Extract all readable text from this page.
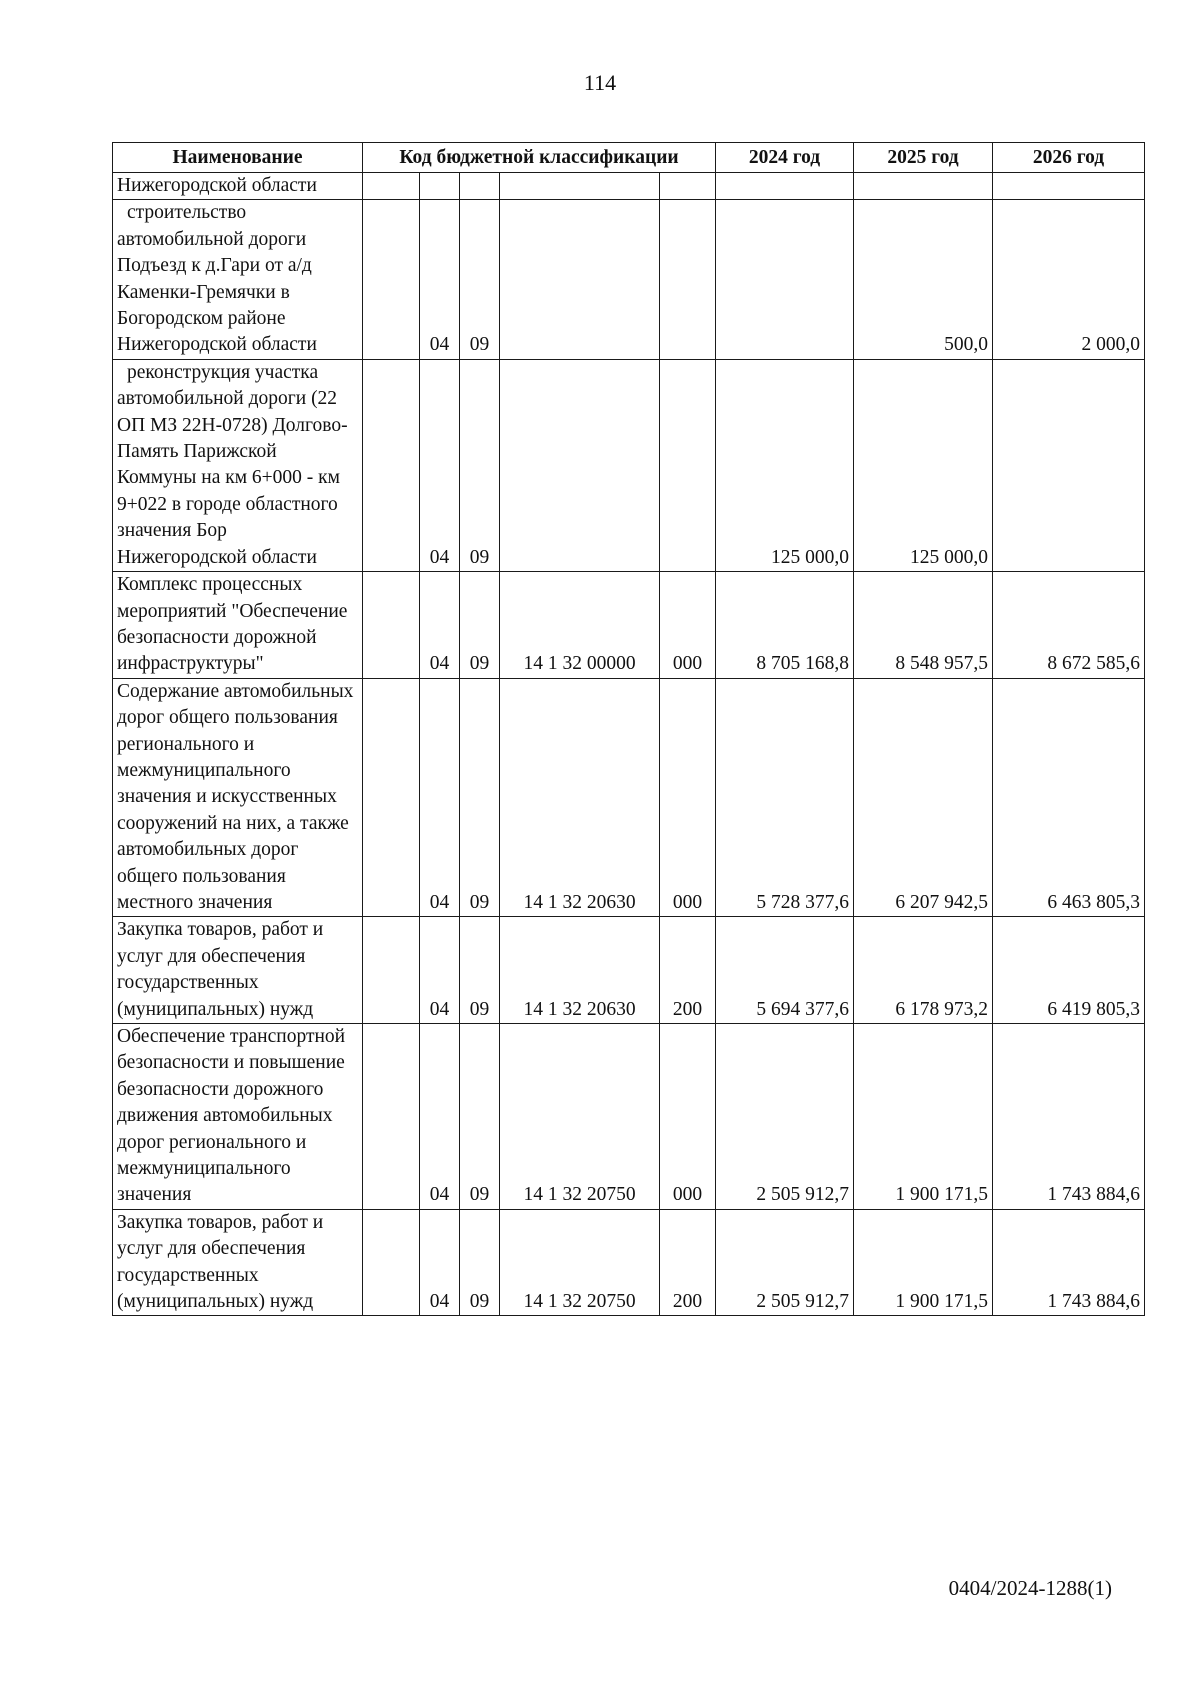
114
Наименование	Код бюджетной классификации					2024 год	2025 год	2026 год
Нижегородской области								
строительство автомобильной дороги Подъезд к д.Гари от а/д Каменки-Гремячки в Богородском районе Нижегородской области		04	09				500,0	2 000,0
реконструкция участка автомобильной дороги (22 ОП МЗ 22Н-0728) Долгово-Память Парижской Коммуны на км 6+000 - км 9+022 в городе областного значения Бор Нижегородской области		04	09			125 000,0	125 000,0	
Комплекс процессных мероприятий "Обеспечение безопасности дорожной инфраструктуры"		04	09	14 1 32 00000	000	8 705 168,8	8 548 957,5	8 672 585,6
Содержание автомобильных дорог общего пользования регионального и межмуниципального значения и искусственных сооружений на них, а также автомобильных дорог общего пользования местного значения		04	09	14 1 32 20630	000	5 728 377,6	6 207 942,5	6 463 805,3
Закупка товаров, работ и услуг для обеспечения государственных (муниципальных) нужд		04	09	14 1 32 20630	200	5 694 377,6	6 178 973,2	6 419 805,3
Обеспечение транспортной безопасности и повышение безопасности дорожного движения автомобильных дорог регионального и межмуниципального значения		04	09	14 1 32 20750	000	2 505 912,7	1 900 171,5	1 743 884,6
Закупка товаров, работ и услуг для обеспечения государственных (муниципальных) нужд		04	09	14 1 32 20750	200	2 505 912,7	1 900 171,5	1 743 884,6
0404/2024-1288(1)
